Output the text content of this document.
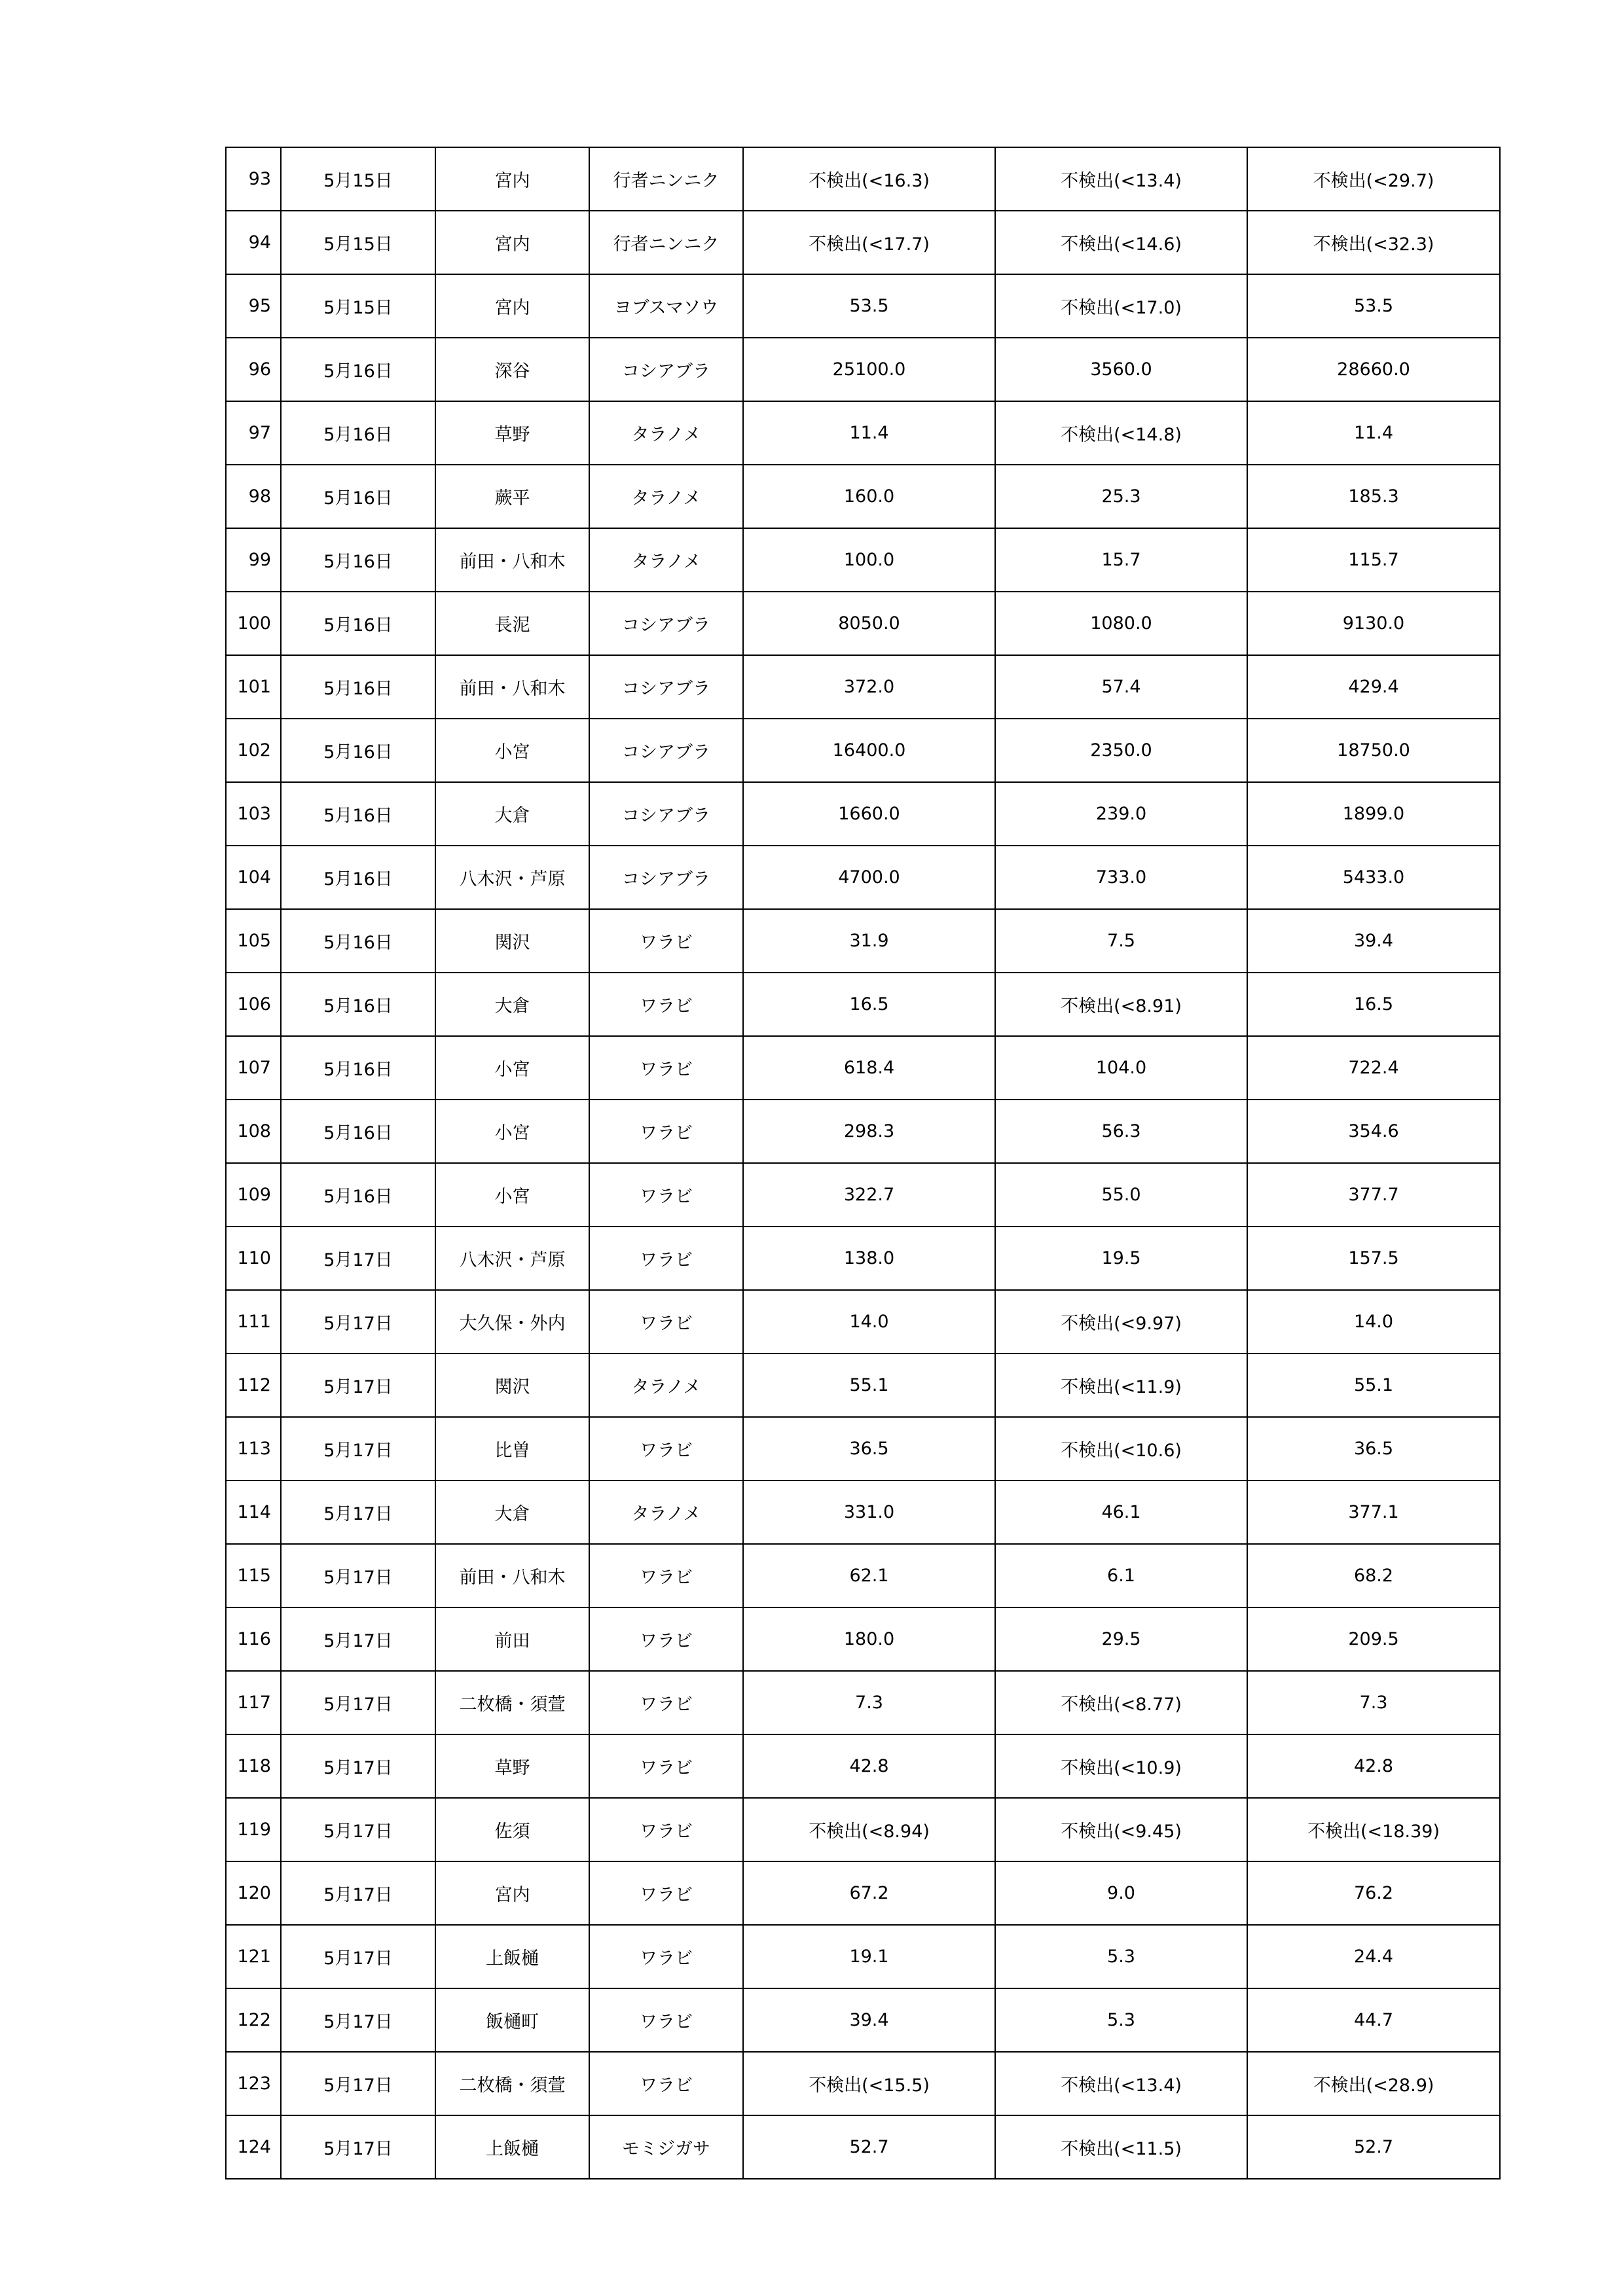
93	5月15日	宮内	行者ニンニク	不検出(<16.3)	不検出(<13.4)	不検出(<29.7)
94	5月15日	宮内	行者ニンニク	不検出(<17.7)	不検出(<14.6)	不検出(<32.3)
95	5月15日	宮内	ヨブスマソウ	53.5	不検出(<17.0)	53.5
96	5月16日	深谷	コシアブラ	25100.0	3560.0	28660.0
97	5月16日	草野	タラノメ	11.4	不検出(<14.8)	11.4
98	5月16日	蕨平	タラノメ	160.0	25.3	185.3
99	5月16日	前田・八和木	タラノメ	100.0	15.7	115.7
100	5月16日	長泥	コシアブラ	8050.0	1080.0	9130.0
101	5月16日	前田・八和木	コシアブラ	372.0	57.4	429.4
102	5月16日	小宮	コシアブラ	16400.0	2350.0	18750.0
103	5月16日	大倉	コシアブラ	1660.0	239.0	1899.0
104	5月16日	八木沢・芦原	コシアブラ	4700.0	733.0	5433.0
105	5月16日	関沢	ワラビ	31.9	7.5	39.4
106	5月16日	大倉	ワラビ	16.5	不検出(<8.91)	16.5
107	5月16日	小宮	ワラビ	618.4	104.0	722.4
108	5月16日	小宮	ワラビ	298.3	56.3	354.6
109	5月16日	小宮	ワラビ	322.7	55.0	377.7
110	5月17日	八木沢・芦原	ワラビ	138.0	19.5	157.5
111	5月17日	大久保・外内	ワラビ	14.0	不検出(<9.97)	14.0
112	5月17日	関沢	タラノメ	55.1	不検出(<11.9)	55.1
113	5月17日	比曽	ワラビ	36.5	不検出(<10.6)	36.5
114	5月17日	大倉	タラノメ	331.0	46.1	377.1
115	5月17日	前田・八和木	ワラビ	62.1	6.1	68.2
116	5月17日	前田	ワラビ	180.0	29.5	209.5
117	5月17日	二枚橋・須萱	ワラビ	7.3	不検出(<8.77)	7.3
118	5月17日	草野	ワラビ	42.8	不検出(<10.9)	42.8
119	5月17日	佐須	ワラビ	不検出(<8.94)	不検出(<9.45)	不検出(<18.39)
120	5月17日	宮内	ワラビ	67.2	9.0	76.2
121	5月17日	上飯樋	ワラビ	19.1	5.3	24.4
122	5月17日	飯樋町	ワラビ	39.4	5.3	44.7
123	5月17日	二枚橋・須萱	ワラビ	不検出(<15.5)	不検出(<13.4)	不検出(<28.9)
124	5月17日	上飯樋	モミジガサ	52.7	不検出(<11.5)	52.7
